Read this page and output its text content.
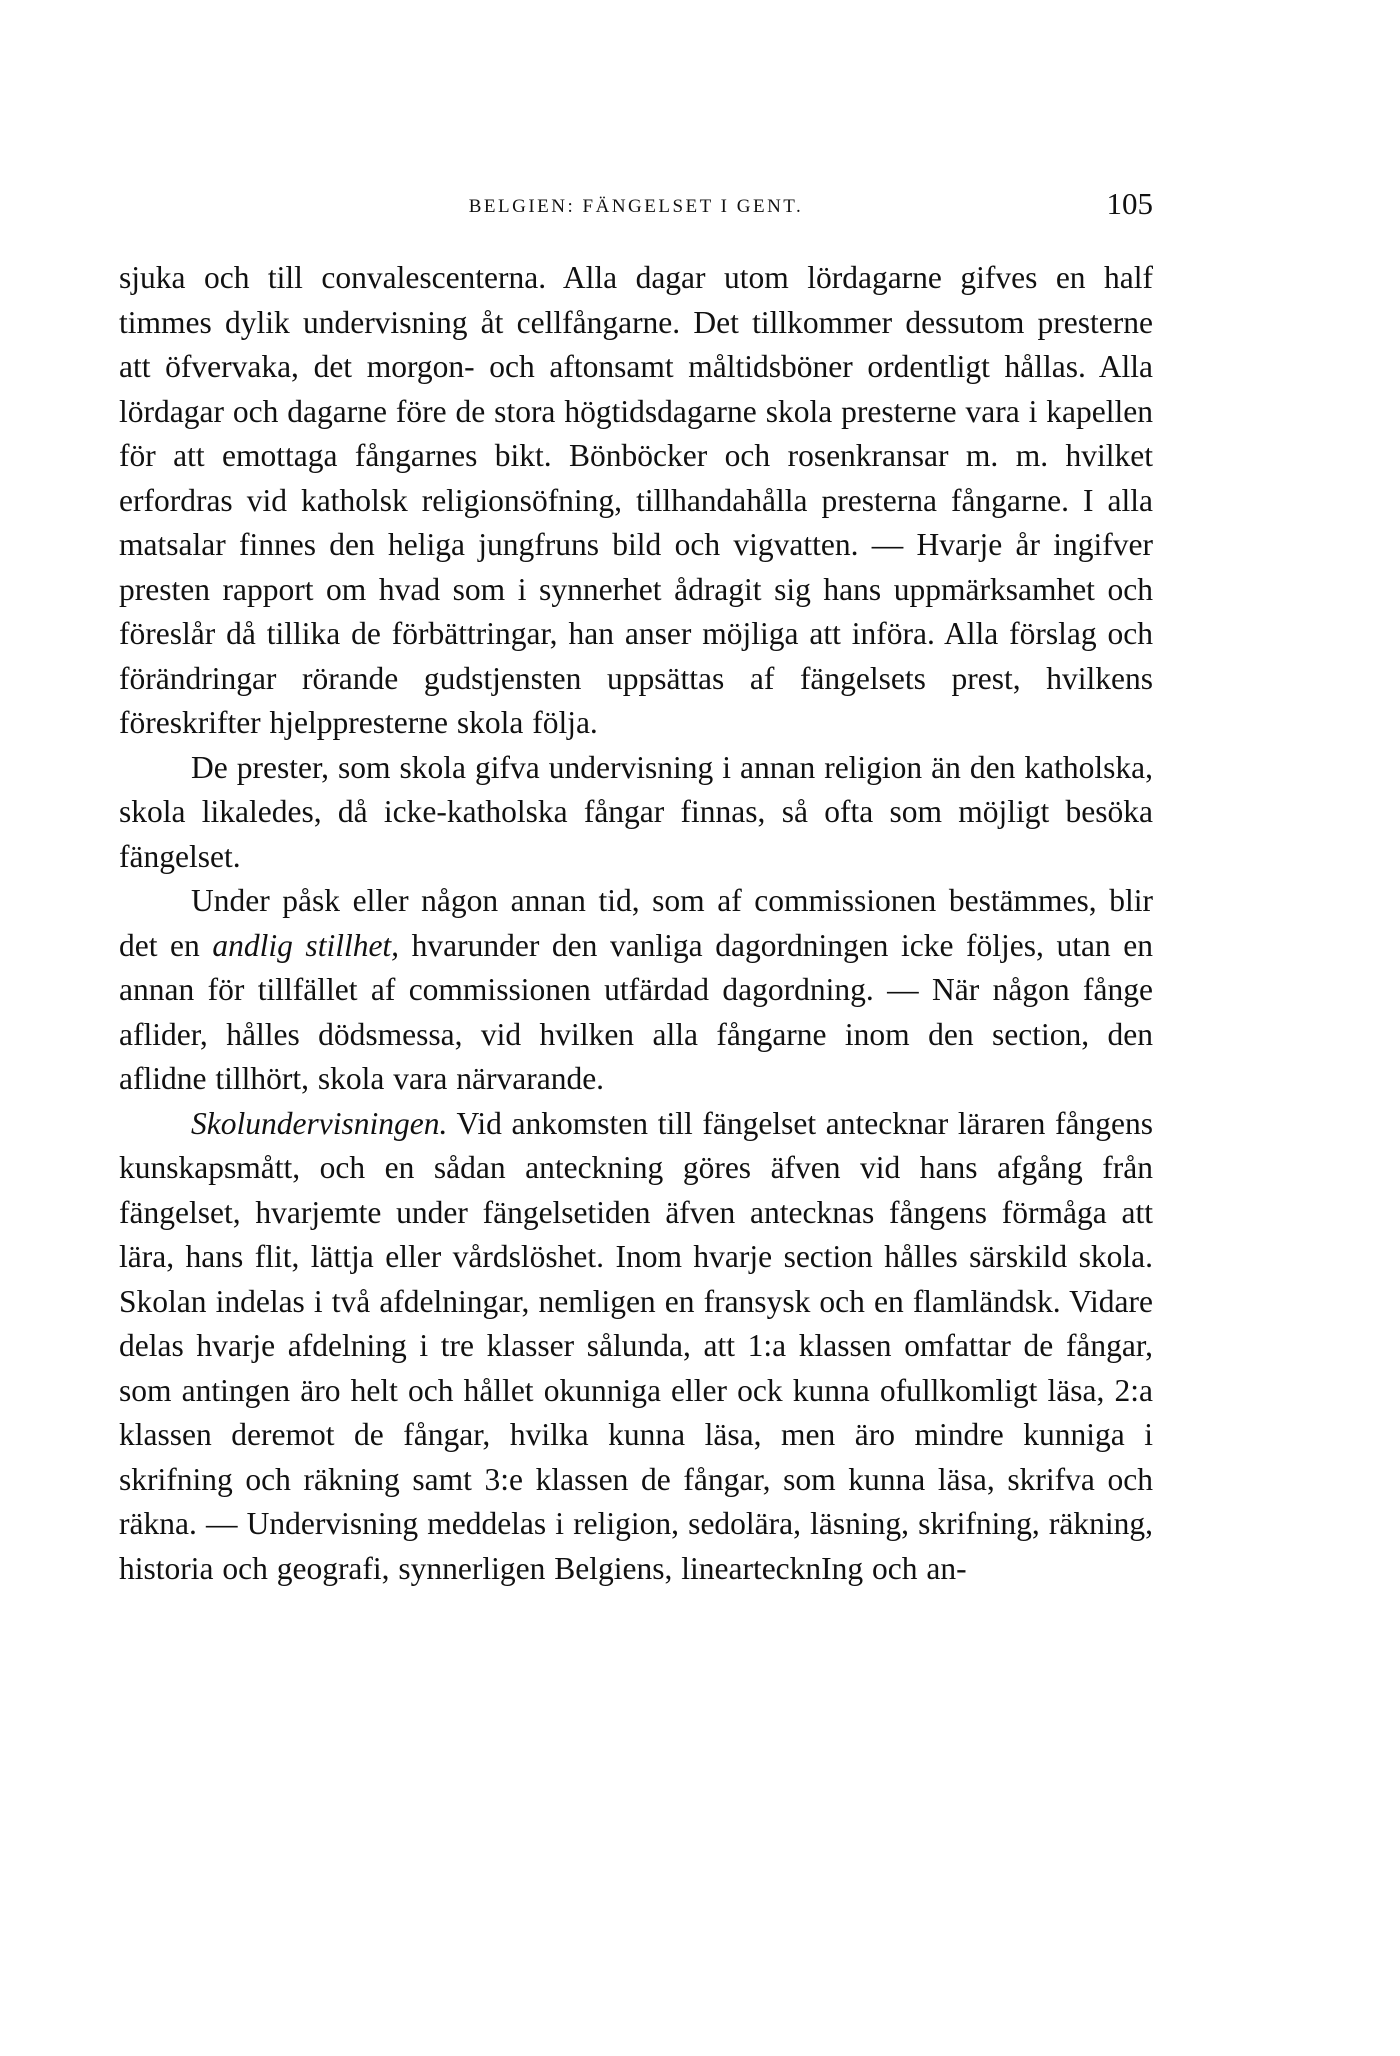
BELGIEN: FÄNGELSET I GENT.	105

sjuka och till convalescenterna. Alla dagar utom lördagarne gifves en half timmes dylik undervisning åt cellfångarne. Det tillkommer dessutom presterne att öfvervaka, det morgon- och aftonsamt måltidsböner ordentligt hållas. Alla lördagar och dagarne före de stora högtidsdagarne skola presterne vara i kapellen för att emottaga fångarnes bikt. Bönböcker och rosenkransar m. m. hvilket erfordras vid katholsk religionsöfning, tillhandahålla presterna fångarne. I alla matsalar finnes den heliga jungfruns bild och vigvatten. — Hvarje år ingifver presten rapport om hvad som i synnerhet ådragit sig hans uppmärksamhet och föreslår då tillika de förbättringar, han anser möjliga att införa. Alla förslag och förändringar rörande gudstjensten uppsättas af fängelsets prest, hvilkens föreskrifter hjelppresterne skola följa.

De prester, som skola gifva undervisning i annan religion än den katholska, skola likaledes, då icke-katholska fångar finnas, så ofta som möjligt besöka fängelset.

Under påsk eller någon annan tid, som af commissionen bestämmes, blir det en andlig stillhet, hvarunder den vanliga dagordningen icke följes, utan en annan för tillfället af commissionen utfärdad dagordning. — När någon fånge aflider, hålles dödsmessa, vid hvilken alla fångarne inom den section, den aflidne tillhört, skola vara närvarande.

Skolundervisningen. Vid ankomsten till fängelset antecknar läraren fångens kunskapsmått, och en sådan anteckning göres äfven vid hans afgång från fängelset, hvarjemte under fängelsetiden äfven antecknas fångens förmåga att lära, hans flit, lättja eller vårdslöshet. Inom hvarje section hålles särskild skola. Skolan indelas i två afdelningar, nemligen en fransysk och en flamländsk. Vidare delas hvarje afdelning i tre klasser sålunda, att 1:a klassen omfattar de fångar, som antingen äro helt och hållet okunniga eller ock kunna ofullkomligt läsa, 2:a klassen deremot de fångar, hvilka kunna läsa, men äro mindre kunniga i skrifning och räkning samt 3:e klassen de fångar, som kunna läsa, skrifva och räkna. — Undervisning meddelas i religion, sedolära, läsning, skrifning, räkning, historia och geografi, synnerligen Belgiens, lineartecknIng och an-
